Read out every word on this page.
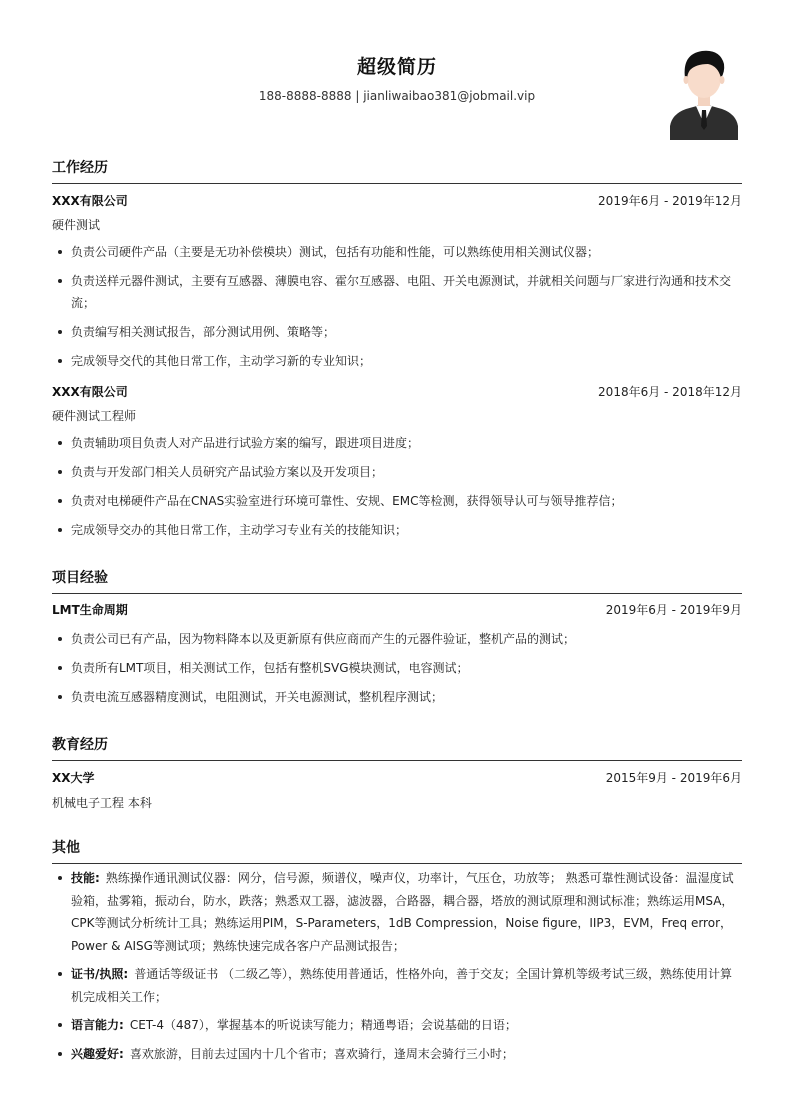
超级简历
188-8888-8888 | jianliwaibao381@jobmail.vip
工作经历
XXX有限公司	2019年6月 - 2019年12月
硬件测试
负责公司硬件产品（主要是无功补偿模块）测试，包括有功能和性能，可以熟练使用相关测试仪器；
负责送样元器件测试，主要有互感器、薄膜电容、霍尔互感器、电阻、开关电源测试，并就相关问题与厂家进行沟通和技术交流；
负责编写相关测试报告，部分测试用例、策略等；
完成领导交代的其他日常工作，主动学习新的专业知识；
XXX有限公司	2018年6月 - 2018年12月
硬件测试工程师
负责辅助项目负责人对产品进行试验方案的编写，跟进项目进度；
负责与开发部门相关人员研究产品试验方案以及开发项目；
负责对电梯硬件产品在CNAS实验室进行环境可靠性、安规、EMC等检测，获得领导认可与领导推荐信；
完成领导交办的其他日常工作，主动学习专业有关的技能知识；
项目经验
LMT生命周期	2019年6月 - 2019年9月
负责公司已有产品，因为物料降本以及更新原有供应商而产生的元器件验证，整机产品的测试；
负责所有LMT项目，相关测试工作，包括有整机SVG模块测试，电容测试；
负责电流互感器精度测试，电阻测试，开关电源测试，整机程序测试；
教育经历
XX大学	2015年9月 - 2019年6月
机械电子工程 本科
其他
技能: 熟练操作通讯测试仪器：网分，信号源，频谱仪，噪声仪，功率计，气压仓，功放等； 熟悉可靠性测试设备：温湿度试验箱，盐雾箱，振动台，防水，跌落；熟悉双工器，滤波器，合路器，耦合器，塔放的测试原理和测试标准；熟练运用MSA，CPK等测试分析统计工具；熟练运用PIM，S-Parameters，1dB Compression，Noise figure，IIP3，EVM，Freq error，Power & AISG等测试项；熟练快速完成各客户产品测试报告；
证书/执照: 普通话等级证书 （二级乙等），熟练使用普通话，性格外向，善于交友；全国计算机等级考试三级，熟练使用计算机完成相关工作；
语言能力: CET-4（487），掌握基本的听说读写能力；精通粤语；会说基础的日语；
兴趣爱好: 喜欢旅游，目前去过国内十几个省市；喜欢骑行，逢周末会骑行三小时；
